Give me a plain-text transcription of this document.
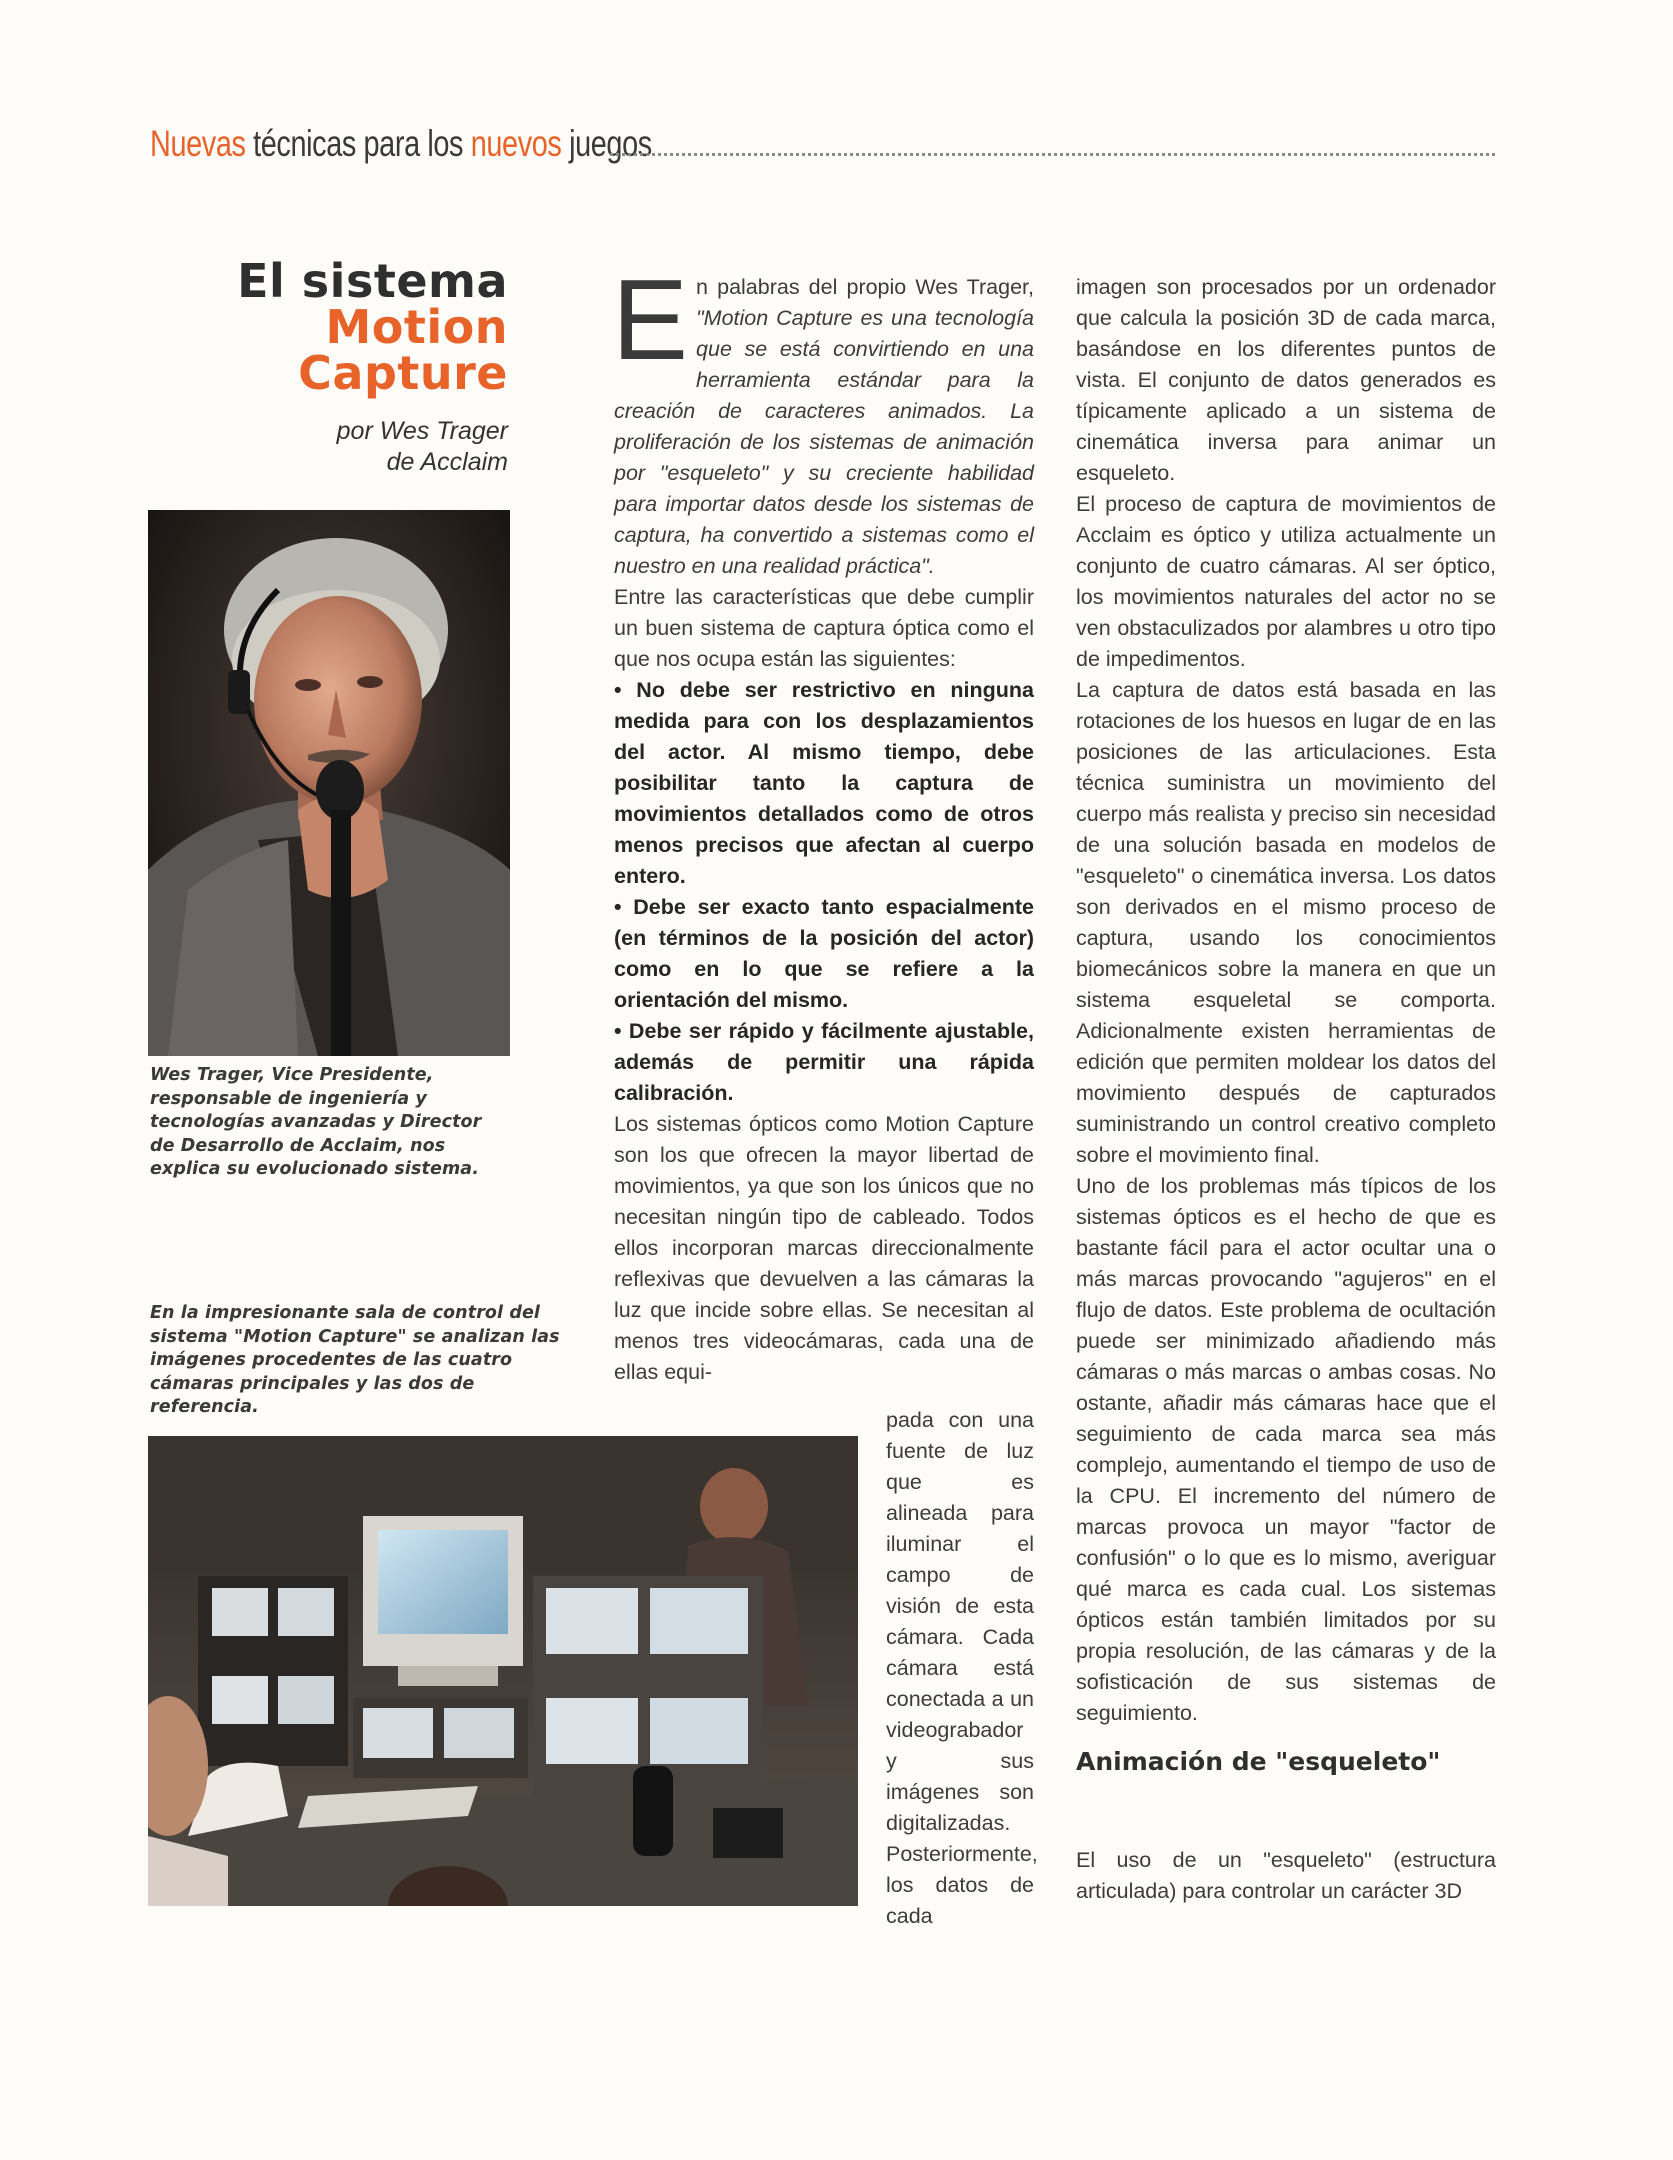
Nuevas técnicas para los nuevos juegos
El sistema
Motion
Capture
por Wes Trager
de Acclaim
Wes Trager, Vice Presidente, responsable de ingeniería y tecnologías avanzadas y Director de Desarrollo de Acclaim, nos explica su evolucionado sistema.
En la impresionante sala de control del sistema "Motion Capture" se analizan las imágenes procedentes de las cuatro cámaras principales y las dos de referencia.

En palabras del propio Wes Trager, "Motion Capture es una tecnología que se está convirtiendo en una herramienta estándar para la creación de caracteres animados. La proliferación de los sistemas de animación por "esqueleto" y su creciente habilidad para importar datos desde los sistemas de captura, ha convertido a sistemas como el nuestro en una realidad práctica".

Entre las características que debe cumplir un buen sistema de captura óptica como el que nos ocupa están las siguientes:

• No debe ser restrictivo en ninguna medida para con los desplazamientos del actor. Al mismo tiempo, debe posibilitar tanto la captura de movimientos detallados como de otros menos precisos que afectan al cuerpo entero.

• Debe ser exacto tanto espacialmente (en términos de la posición del actor) como en lo que se refiere a la orientación del mismo.

• Debe ser rápido y fácilmente ajustable, además de permitir una rápida calibración.

Los sistemas ópticos como Motion Capture son los que ofrecen la mayor libertad de movimientos, ya que son los únicos que no necesitan ningún tipo de cableado. Todos ellos incorporan marcas direccionalmente reflexivas que devuelven a las cámaras la luz que incide sobre ellas. Se necesitan al menos tres videocámaras, cada una de ellas equi-

pada con una fuente de luz que es alineada para iluminar el campo de visión de esta cámara. Cada cámara está conectada a un videograbador y sus imágenes son digitalizadas. Posteriormente, los datos de cada

imagen son procesados por un ordenador que calcula la posición 3D de cada marca, basándose en los diferentes puntos de vista. El conjunto de datos generados es típicamente aplicado a un sistema de cinemática inversa para animar un esqueleto.

El proceso de captura de movimientos de Acclaim es óptico y utiliza actualmente un conjunto de cuatro cámaras. Al ser óptico, los movimientos naturales del actor no se ven obstaculizados por alambres u otro tipo de impedimentos.

La captura de datos está basada en las rotaciones de los huesos en lugar de en las posiciones de las articulaciones. Esta técnica suministra un movimiento del cuerpo más realista y preciso sin necesidad de una solución basada en modelos de "esqueleto" o cinemática inversa. Los datos son derivados en el mismo proceso de captura, usando los conocimientos biomecánicos sobre la manera en que un sistema esqueletal se comporta. Adicionalmente existen herramientas de edición que permiten moldear los datos del movimiento después de capturados suministrando un control creativo completo sobre el movimiento final.

Uno de los problemas más típicos de los sistemas ópticos es el hecho de que es bastante fácil para el actor ocultar una o más marcas provocando "agujeros" en el flujo de datos. Este problema de ocultación puede ser minimizado añadiendo más cámaras o más marcas o ambas cosas. No ostante, añadir más cámaras hace que el seguimiento de cada marca sea más complejo, aumentando el tiempo de uso de la CPU. El incremento del número de marcas provoca un mayor "factor de confusión" o lo que es lo mismo, averiguar qué marca es cada cual. Los sistemas ópticos están también limitados por su propia resolución, de las cámaras y de la sofisticación de sus sistemas de seguimiento.

Animación de "esqueleto"
El uso de un "esqueleto" (estructura articulada) para controlar un carácter 3D
